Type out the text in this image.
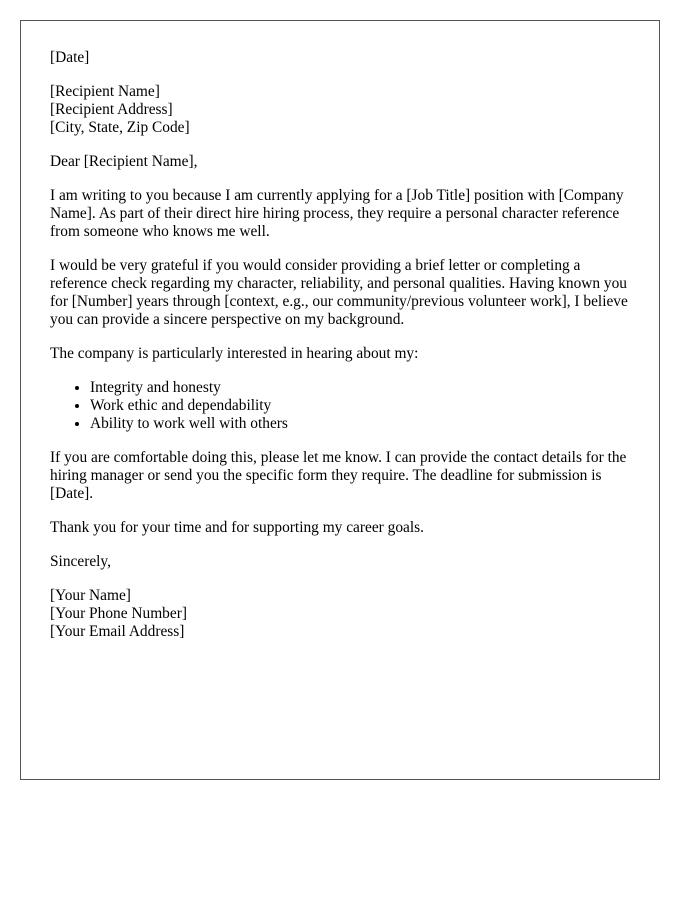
[Date]

[Recipient Name]
[Recipient Address]
[City, State, Zip Code]

Dear [Recipient Name],

I am writing to you because I am currently applying for a [Job Title] position with [Company Name]. As part of their direct hire hiring process, they require a personal character reference from someone who knows me well.

I would be very grateful if you would consider providing a brief letter or completing a reference check regarding my character, reliability, and personal qualities. Having known you for [Number] years through [context, e.g., our community/previous volunteer work], I believe you can provide a sincere perspective on my background.

The company is particularly interested in hearing about my:

• Integrity and honesty
• Work ethic and dependability
• Ability to work well with others

If you are comfortable doing this, please let me know. I can provide the contact details for the hiring manager or send you the specific form they require. The deadline for submission is [Date].

Thank you for your time and for supporting my career goals.

Sincerely,

[Your Name]
[Your Phone Number]
[Your Email Address]
